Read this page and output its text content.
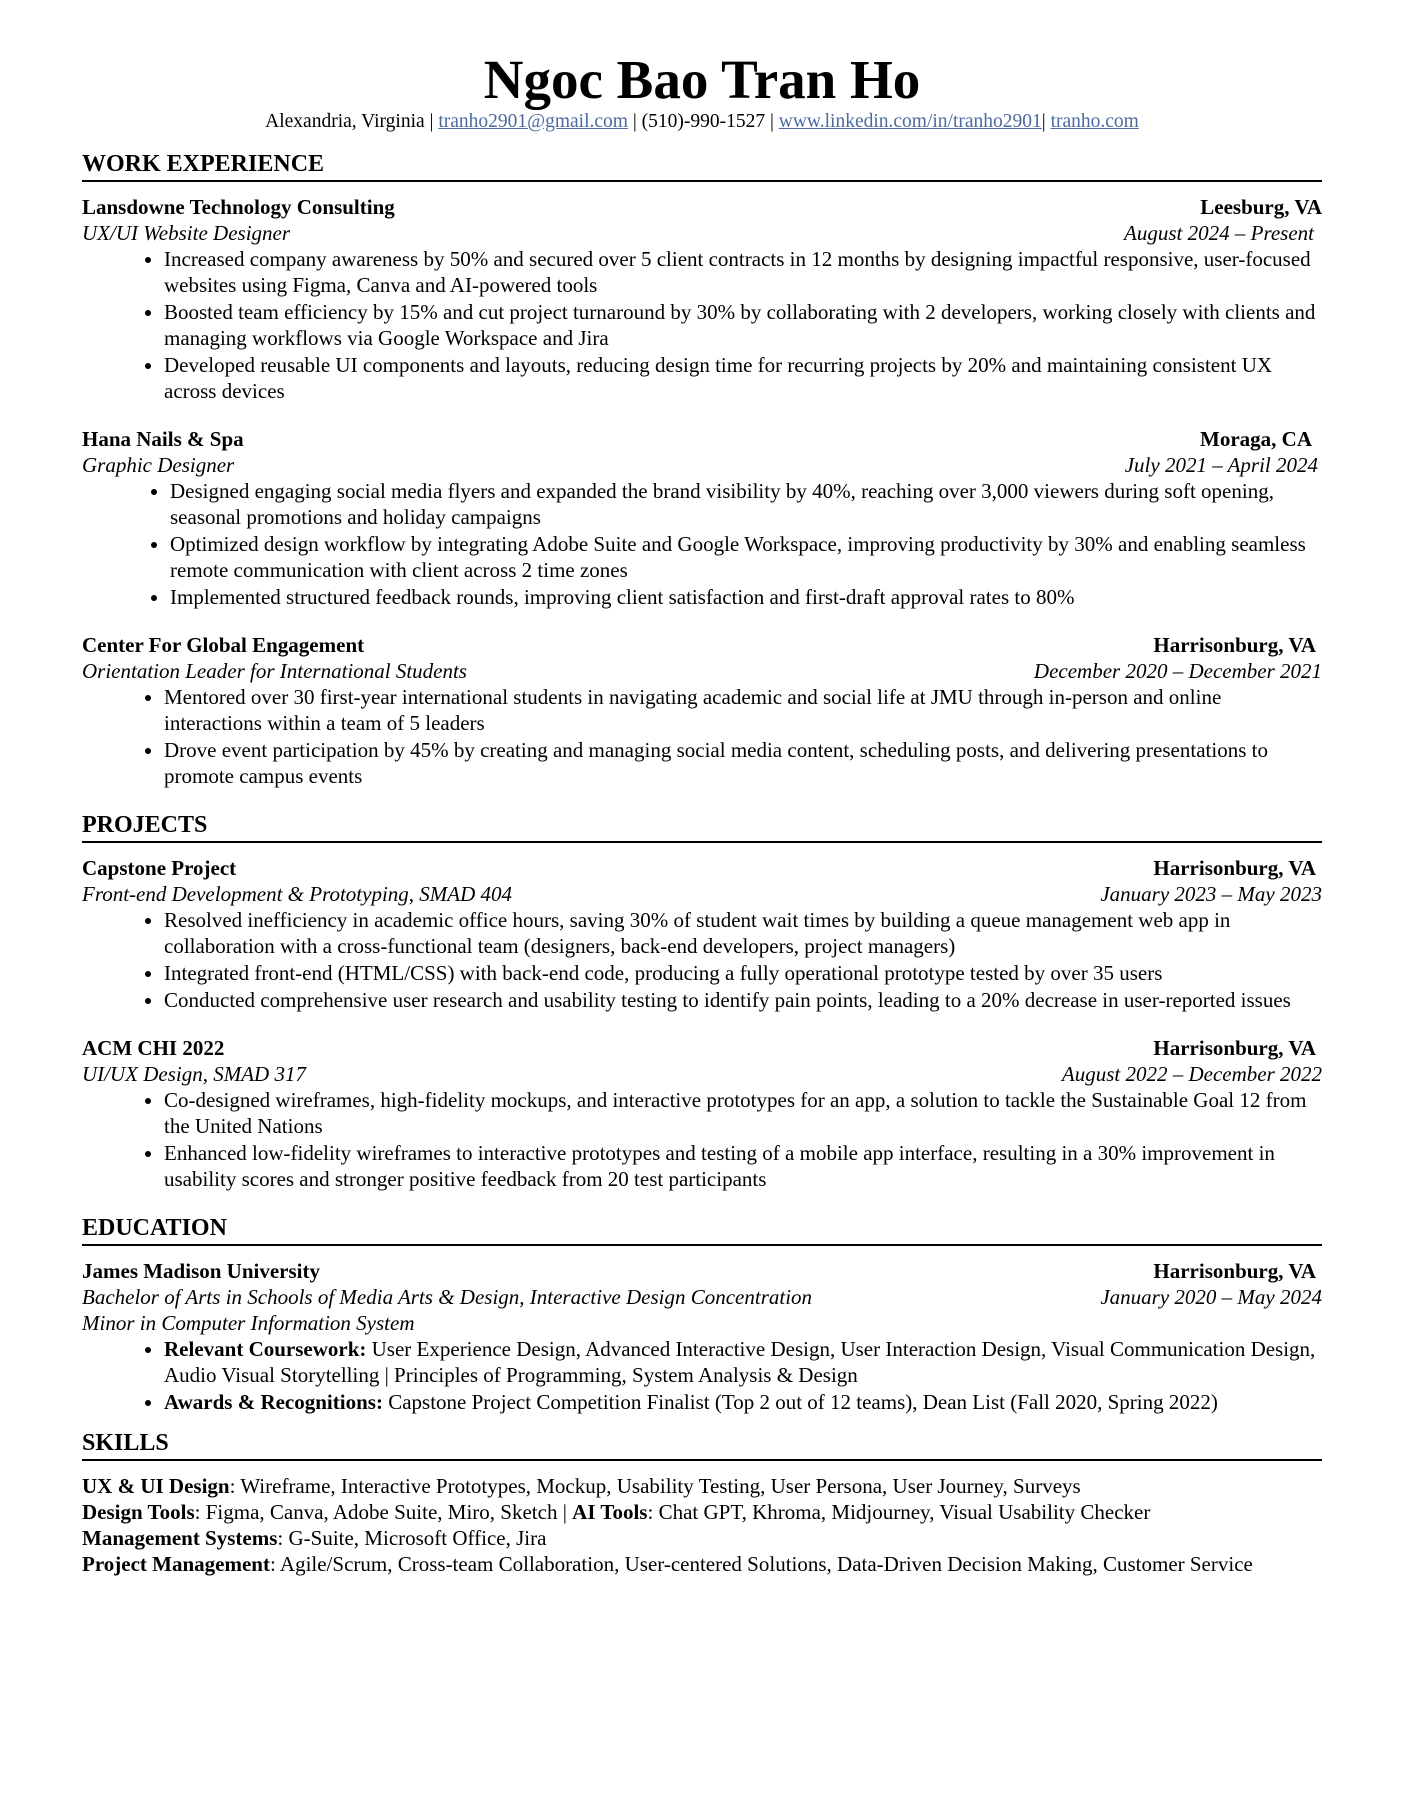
Ngoc Bao Tran Ho
Alexandria, Virginia | tranho2901@gmail.com | (510)-990-1527 | www.linkedin.com/in/tranho2901| tranho.com
WORK EXPERIENCE
Lansdowne Technology Consulting	Leesburg, VA
UX/UI Website Designer	August 2024 – Present
• Increased company awareness by 50% and secured over 5 client contracts in 12 months by designing impactful responsive, user-focused websites using Figma, Canva and AI-powered tools
• Boosted team efficiency by 15% and cut project turnaround by 30% by collaborating with 2 developers, working closely with clients and managing workflows via Google Workspace and Jira
• Developed reusable UI components and layouts, reducing design time for recurring projects by 20% and maintaining consistent UX across devices
Hana Nails & Spa	Moraga, CA
Graphic Designer	July 2021 – April 2024
• Designed engaging social media flyers and expanded the brand visibility by 40%, reaching over 3,000 viewers during soft opening, seasonal promotions and holiday campaigns
• Optimized design workflow by integrating Adobe Suite and Google Workspace, improving productivity by 30% and enabling seamless remote communication with client across 2 time zones
• Implemented structured feedback rounds, improving client satisfaction and first-draft approval rates to 80%
Center For Global Engagement	Harrisonburg, VA
Orientation Leader for International Students	December 2020 – December 2021
• Mentored over 30 first-year international students in navigating academic and social life at JMU through in-person and online interactions within a team of 5 leaders
• Drove event participation by 45% by creating and managing social media content, scheduling posts, and delivering presentations to promote campus events
PROJECTS
Capstone Project	Harrisonburg, VA
Front-end Development & Prototyping, SMAD 404	January 2023 – May 2023
• Resolved inefficiency in academic office hours, saving 30% of student wait times by building a queue management web app in collaboration with a cross-functional team (designers, back-end developers, project managers)
• Integrated front-end (HTML/CSS) with back-end code, producing a fully operational prototype tested by over 35 users
• Conducted comprehensive user research and usability testing to identify pain points, leading to a 20% decrease in user-reported issues
ACM CHI 2022	Harrisonburg, VA
UI/UX Design, SMAD 317	August 2022 – December 2022
• Co-designed wireframes, high-fidelity mockups, and interactive prototypes for an app, a solution to tackle the Sustainable Goal 12 from the United Nations
• Enhanced low-fidelity wireframes to interactive prototypes and testing of a mobile app interface, resulting in a 30% improvement in usability scores and stronger positive feedback from 20 test participants
EDUCATION
James Madison University	Harrisonburg, VA
Bachelor of Arts in Schools of Media Arts & Design, Interactive Design Concentration	January 2020 – May 2024
Minor in Computer Information System
• Relevant Coursework: User Experience Design, Advanced Interactive Design, User Interaction Design, Visual Communication Design, Audio Visual Storytelling | Principles of Programming, System Analysis & Design
• Awards & Recognitions: Capstone Project Competition Finalist (Top 2 out of 12 teams), Dean List (Fall 2020, Spring 2022)
SKILLS
UX & UI Design: Wireframe, Interactive Prototypes, Mockup, Usability Testing, User Persona, User Journey, Surveys
Design Tools: Figma, Canva, Adobe Suite, Miro, Sketch | AI Tools: Chat GPT, Khroma, Midjourney, Visual Usability Checker
Management Systems: G-Suite, Microsoft Office, Jira
Project Management: Agile/Scrum, Cross-team Collaboration, User-centered Solutions, Data-Driven Decision Making, Customer Service
